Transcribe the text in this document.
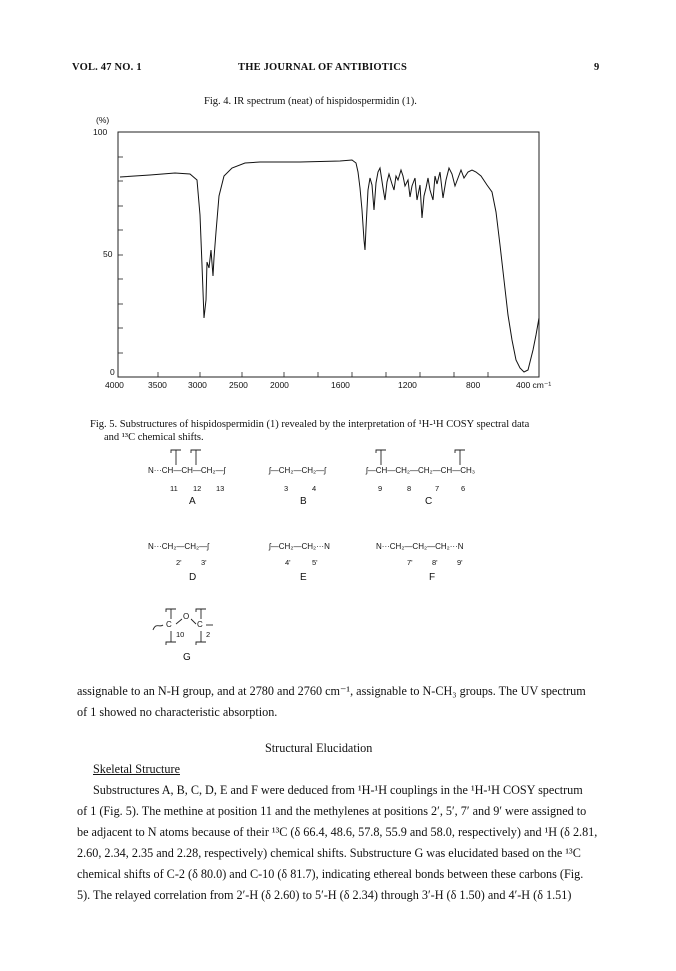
VOL. 47 NO. 1	THE JOURNAL OF ANTIBIOTICS	9
Fig. 4. IR spectrum (neat) of hispidospermidin (1).
(%)
100
50
0
4000	3500 3000	2500	2000	1600	1200	800	400 cm⁻¹
Fig. 5. Substructures of hispidospermidin (1) revealed by the interpretation of ¹H-¹H COSY spectral data
and ¹³C chemical shifts.
N···CH—CH—CH₂—ʃ
11 12 13
A
ʃ—CH₂—CH₂—ʃ
3	4
B
ʃ—CH—CH₂—CH₂—CH—CH₃
9	8	7	6
C
N···CH₂—CH₂—ʃ
2'	3'
D
ʃ—CH₂—CH₂···N
4'	5'
E
N···CH₂—CH₂—CH₂···N
7'	8'	9'
F
C
O
C
10	2
G
assignable to an N-H group, and at 2780 and 2760 cm⁻¹, assignable to N-CH₃ groups. The UV spectrum
of 1 showed no characteristic absorption.
Structural Elucidation
Skeletal Structure
Substructures A, B, C, D, E and F were deduced from ¹H-¹H couplings in the ¹H-¹H COSY spectrum
of 1 (Fig. 5). The methine at position 11 and the methylenes at positions 2′, 5′, 7′ and 9′ were assigned to
be adjacent to N atoms because of their ¹³C (δ 66.4, 48.6, 57.8, 55.9 and 58.0, respectively) and ¹H (δ 2.81,
2.60, 2.34, 2.35 and 2.28, respectively) chemical shifts. Substructure G was elucidated based on the ¹³C
chemical shifts of C-2 (δ 80.0) and C-10 (δ 81.7), indicating ethereal bonds between these carbons (Fig.
5). The relayed correlation from 2′-H (δ 2.60) to 5′-H (δ 2.34) through 3′-H (δ 1.50) and 4′-H (δ 1.51)
